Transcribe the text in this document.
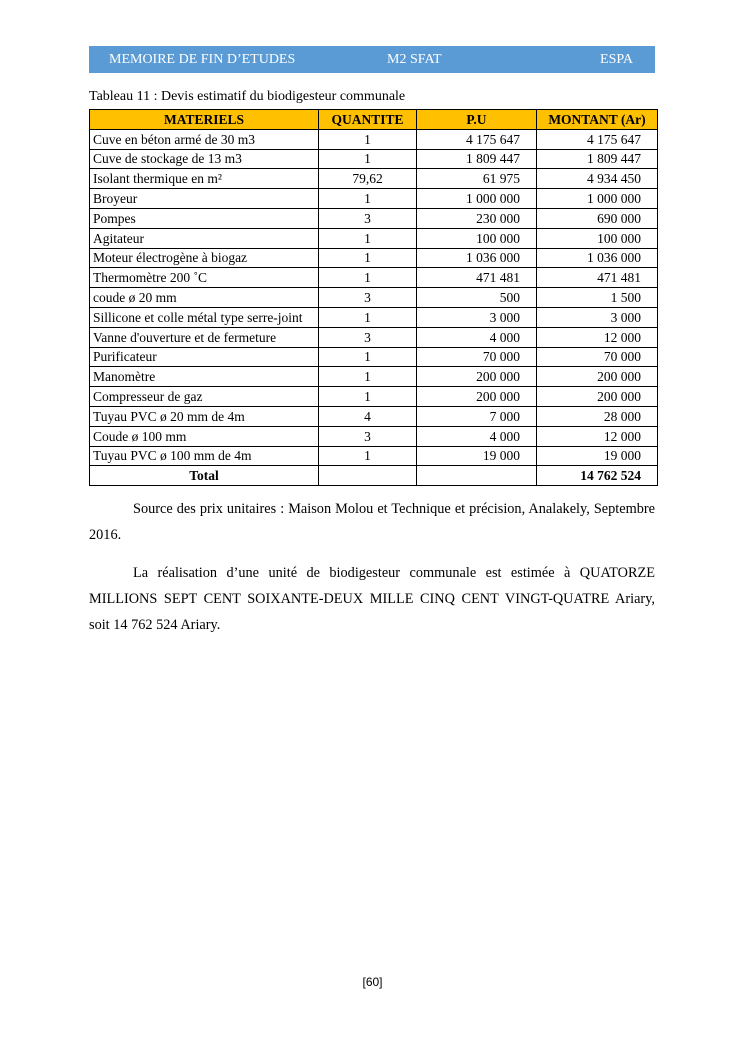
MEMOIRE DE FIN D’ETUDES	M2 SFAT	ESPA
Tableau 11 : Devis estimatif du biodigesteur communale
MATERIELS	QUANTITE	P.U	MONTANT (Ar)
Cuve en béton armé de 30 m3	1	4 175 647	4 175 647
Cuve de stockage de 13 m3	1	1 809 447	1 809 447
Isolant thermique en m²	79,62	61 975	4 934 450
Broyeur	1	1 000 000	1 000 000
Pompes	3	230 000	690 000
Agitateur	1	100 000	100 000
Moteur électrogène à biogaz	1	1 036 000	1 036 000
Thermomètre 200 ˚C	1	471 481	471 481
coude ø 20 mm	3	500	1 500
Sillicone et colle métal type serre-joint	1	3 000	3 000
Vanne d'ouverture et de fermeture	3	4 000	12 000
Purificateur	1	70 000	70 000
Manomètre	1	200 000	200 000
Compresseur de gaz	1	200 000	200 000
Tuyau PVC ø 20 mm de 4m	4	7 000	28 000
Coude ø 100 mm	3	4 000	12 000
Tuyau PVC ø 100 mm de 4m	1	19 000	19 000
Total			14 762 524

Source des prix unitaires : Maison Molou et Technique et précision, Analakely, Septembre 2016.

La réalisation d’une unité de biodigesteur communale est estimée à QUATORZE MILLIONS SEPT CENT SOIXANTE-DEUX MILLE CINQ CENT VINGT-QUATRE Ariary, soit 14 762 524 Ariary.

[60]
